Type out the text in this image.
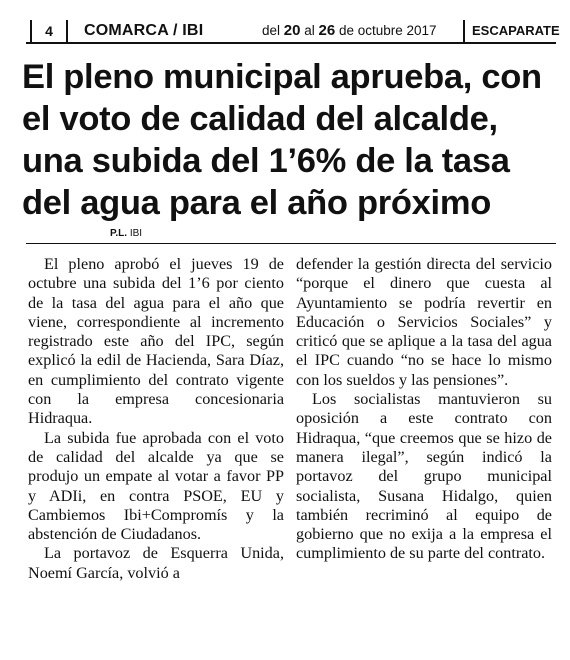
4	COMARCA / IBI	del 20 al 26 de octubre 2017	ESCAPARATE
El pleno municipal aprueba, con
el voto de calidad del alcalde,
una subida del 1’6% de la tasa
del agua para el año próximo
P.L. IBI

El pleno aprobó el jueves 19 de octubre una subida del 1’6 por ciento de la tasa del agua para el año que viene, correspondiente al incremento registrado este año del IPC, según explicó la edil de Hacienda, Sara Díaz, en cumplimiento del contrato vigente con la empresa concesionaria Hidraqua.

La subida fue aprobada con el voto de calidad del alcalde ya que se produjo un empate al votar a favor PP y ADIi, en contra PSOE, EU y Cambiemos Ibi+Compromís y la abstención de Ciudadanos.

La portavoz de Esquerra Unida, Noemí García, volvió a

defender la gestión directa del servicio “porque el dinero que cuesta al Ayuntamiento se podría revertir en Educación o Servicios Sociales” y criticó que se aplique a la tasa del agua el IPC cuando “no se hace lo mismo con los sueldos y las pensiones”.

Los socialistas mantuvieron su oposición a este contrato con Hidraqua, “que creemos que se hizo de manera ilegal”, según indicó la portavoz del grupo municipal socialista, Susana Hidalgo, quien también recriminó al equipo de gobierno que no exija a la empresa el cumplimiento de su parte del contrato.
